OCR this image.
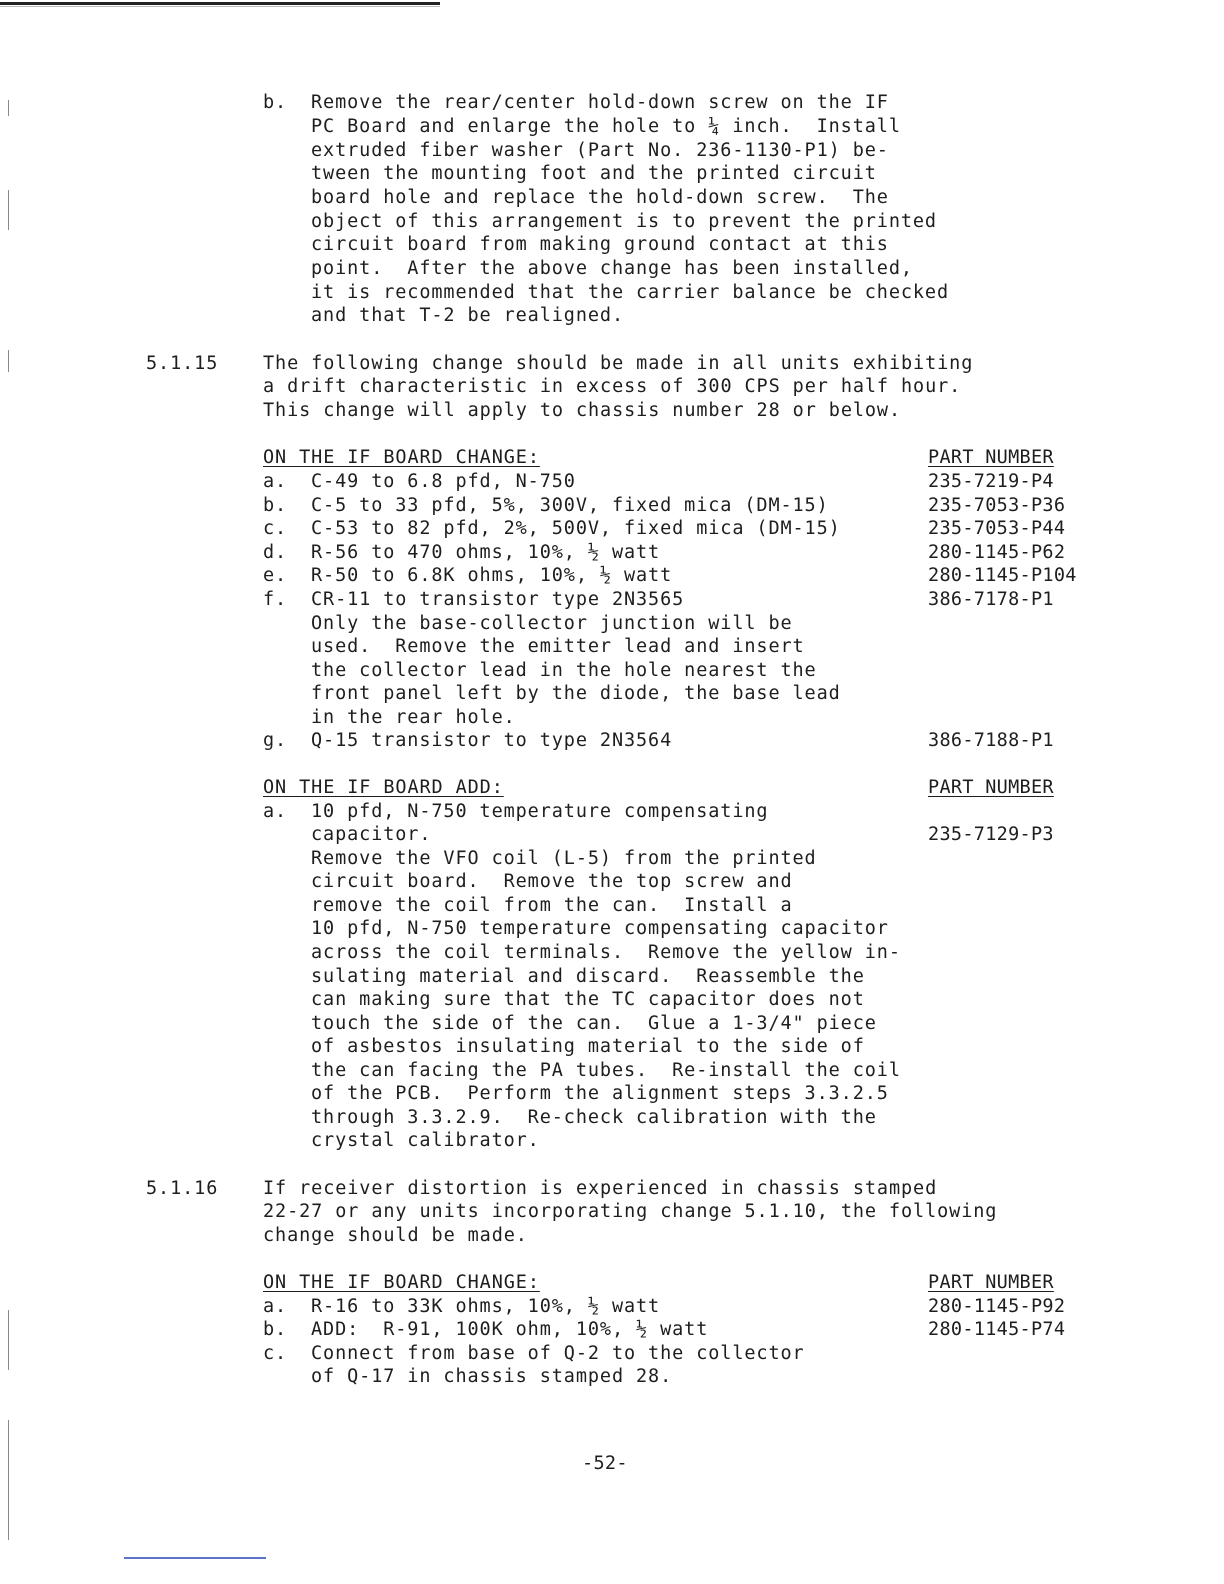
b. Remove the rear/center hold-down screw on the IF
PC Board and enlarge the hole to ¼ inch.  Install
extruded fiber washer (Part No. 236-1130-P1) be-
tween the mounting foot and the printed circuit
board hole and replace the hold-down screw.  The
object of this arrangement is to prevent the printed
circuit board from making ground contact at this
point.  After the above change has been installed,
it is recommended that the carrier balance be checked
and that T-2 be realigned.
5.1.15 The following change should be made in all units exhibiting
a drift characteristic in excess of 300 CPS per half hour.
This change will apply to chassis number 28 or below.
ON THE IF BOARD CHANGE:	PART NUMBER
a. C-49 to 6.8 pfd, N-750	235-7219-P4
b. C-5 to 33 pfd, 5%, 300V, fixed mica (DM-15)	235-7053-P36
c. C-53 to 82 pfd, 2%, 500V, fixed mica (DM-15)	235-7053-P44
d. R-56 to 470 ohms, 10%, ½ watt	280-1145-P62
e. R-50 to 6.8K ohms, 10%, ½ watt	280-1145-P104
f. CR-11 to transistor type 2N3565	386-7178-P1
Only the base-collector junction will be
used.  Remove the emitter lead and insert
the collector lead in the hole nearest the
front panel left by the diode, the base lead
in the rear hole.
g. Q-15 transistor to type 2N3564	386-7188-P1
ON THE IF BOARD ADD:	PART NUMBER
a. 10 pfd, N-750 temperature compensating
capacitor.	235-7129-P3
Remove the VFO coil (L-5) from the printed
circuit board.  Remove the top screw and
remove the coil from the can.  Install a
10 pfd, N-750 temperature compensating capacitor
across the coil terminals.  Remove the yellow in-
sulating material and discard.  Reassemble the
can making sure that the TC capacitor does not
touch the side of the can.  Glue a 1-3/4" piece
of asbestos insulating material to the side of
the can facing the PA tubes.  Re-install the coil
of the PCB.  Perform the alignment steps 3.3.2.5
through 3.3.2.9.  Re-check calibration with the
crystal calibrator.
5.1.16 If receiver distortion is experienced in chassis stamped
22-27 or any units incorporating change 5.1.10, the following
change should be made.
ON THE IF BOARD CHANGE:	PART NUMBER
a. R-16 to 33K ohms, 10%, ½ watt	280-1145-P92
b. ADD:  R-91, 100K ohm, 10%, ½ watt	280-1145-P74
c. Connect from base of Q-2 to the collector
of Q-17 in chassis stamped 28.
-52-
